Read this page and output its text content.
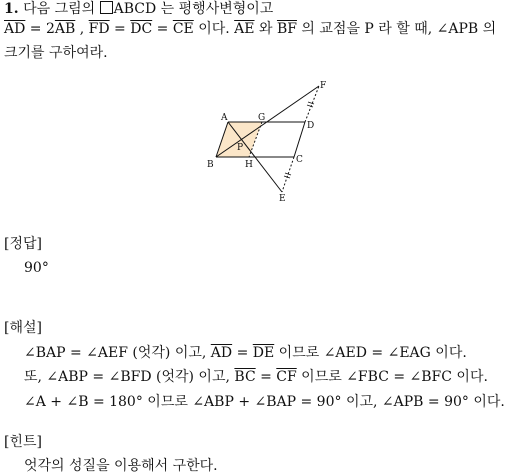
1. 다음 그림의 ABCD 는 평행사변형이고
$\overline{AD} = 2\overline{AB}$ , $\overline{FD} = \overline{DC} = \overline{CE}$ 이다. $\overline{AE}$ 와 $\overline{BF}$ 의 교점을 P 라 할 때, ∠APB 의
크기를 구하여라.
A	G
F
D
P
B	H	C
E
[정답]
90°
[해설]
∠BAP = ∠AEF (엇각) 이고, $\overline{AD} = \overline{DE}$ 이므로 ∠AED = ∠EAG 이다.
또, ∠ABP = ∠BFD (엇각) 이고, $\overline{BC} = \overline{CF}$ 이므로 ∠FBC = ∠BFC 이다.
∠A + ∠B = 180° 이므로 ∠ABP + ∠BAP = 90° 이고, ∠APB = 90° 이다.
[힌트]
엇각의 성질을 이용해서 구한다.
